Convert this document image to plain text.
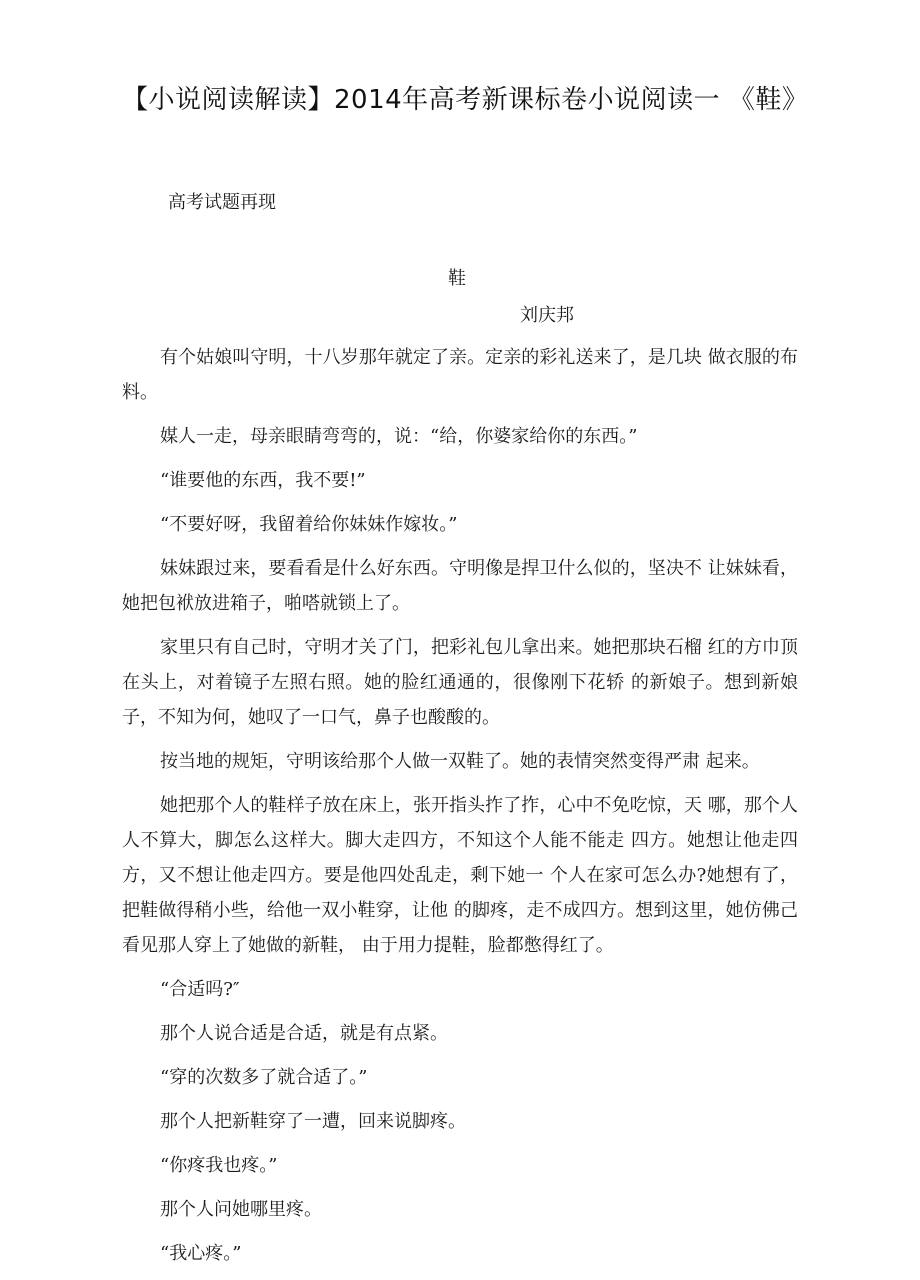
【小说阅读解读】2014年高考新课标卷小说阅读一 《鞋》

高考试题再现

鞋

刘庆邦

有个姑娘叫守明，十八岁那年就定了亲。定亲的彩礼送来了，是几块 做衣服的布料。

媒人一走，母亲眼睛弯弯的，说：“给，你婆家给你的东西。”

“谁要他的东西，我不要!”

“不要好呀，我留着给你妹妹作嫁妆。”

妹妹跟过来，要看看是什么好东西。守明像是捍卫什么似的，坚决不 让妹妹看，她把包袱放进箱子，啪嗒就锁上了。

家里只有自己时，守明才关了门，把彩礼包儿拿出来。她把那块石榴 红的方巾顶在头上，对着镜子左照右照。她的脸红通通的，很像刚下花轿 的新娘子。想到新娘子，不知为何，她叹了一口气，鼻子也酸酸的。

按当地的规矩，守明该给那个人做一双鞋了。她的表情突然变得严肃 起来。

她把那个人的鞋样子放在床上，张开指头拃了拃，心中不免吃惊，天 哪，那个人人不算大，脚怎么这样大。脚大走四方，不知这个人能不能走 四方。她想让他走四方，又不想让他走四方。要是他四处乱走，剩下她一 个人在家可怎么办?她想有了，把鞋做得稍小些，给他一双小鞋穿，让他 的脚疼，走不成四方。想到这里，她仿佛己看见那人穿上了她做的新鞋， 由于用力提鞋，脸都憋得红了。

“合适吗?″

那个人说合适是合适，就是有点紧。

“穿的次数多了就合适了。”

那个人把新鞋穿了一遭，回来说脚疼。

“你疼我也疼。”

那个人问她哪里疼。

“我心疼。”
